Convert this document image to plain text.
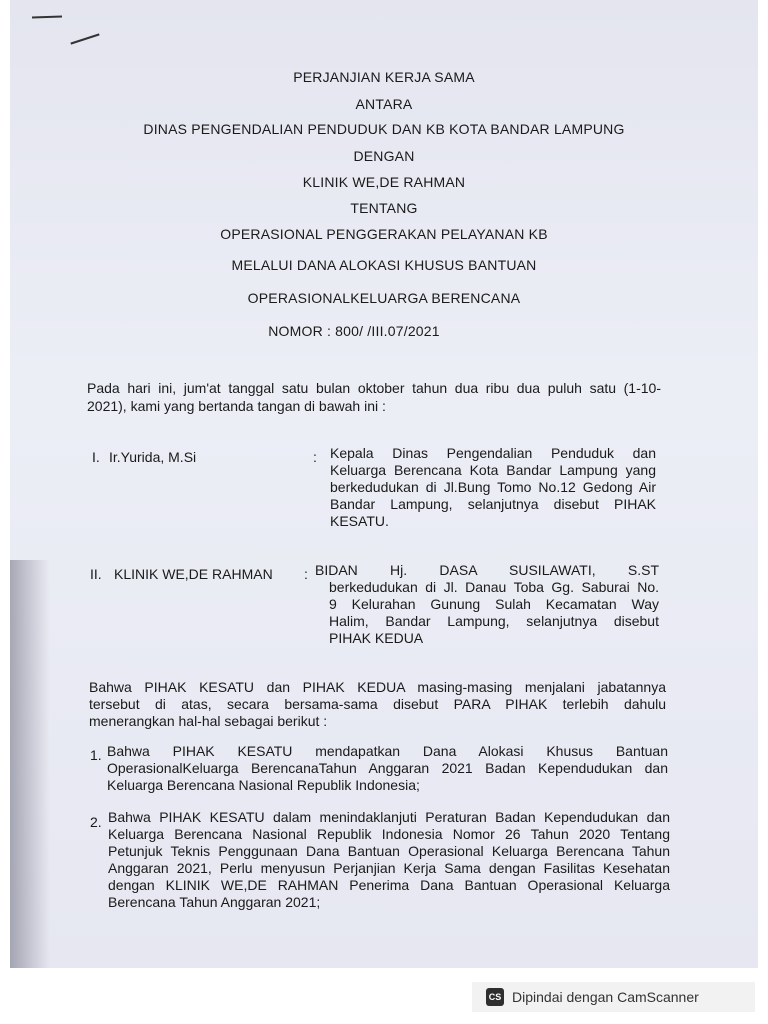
PERJANJIAN KERJA SAMA
ANTARA
DINAS PENGENDALIAN PENDUDUK DAN KB KOTA BANDAR LAMPUNG
DENGAN
KLINIK WE,DE RAHMAN
TENTANG
OPERASIONAL PENGGERAKAN PELAYANAN KB
MELALUI DANA ALOKASI KHUSUS BANTUAN
OPERASIONALKELUARGA BERENCANA
NOMOR : 800/ /III.07/2021
Pada hari ini, jum'at tanggal satu bulan oktober tahun dua ribu dua puluh satu (1-10-
2021), kami yang bertanda tangan di bawah ini :
I. Ir.Yurida, M.Si	: Kepala Dinas Pengendalian Penduduk dan
Keluarga Berencana Kota Bandar Lampung yang
berkedudukan di Jl.Bung Tomo No.12 Gedong Air
Bandar Lampung, selanjutnya disebut PIHAK
KESATU.
II. KLINIK WE,DE RAHMAN : BIDAN Hj. DASA SUSILAWATI, S.ST
berkedudukan di Jl. Danau Toba Gg. Saburai No.
9 Kelurahan Gunung Sulah Kecamatan Way
Halim, Bandar Lampung, selanjutnya disebut
PIHAK KEDUA
Bahwa PIHAK KESATU dan PIHAK KEDUA masing-masing menjalani jabatannya
tersebut di atas, secara bersama-sama disebut PARA PIHAK terlebih dahulu
menerangkan hal-hal sebagai berikut :
1. Bahwa PIHAK KESATU mendapatkan Dana Alokasi Khusus Bantuan
OperasionalKeluarga BerencanaTahun Anggaran 2021 Badan Kependudukan dan
Keluarga Berencana Nasional Republik Indonesia;
2. Bahwa PIHAK KESATU dalam menindaklanjuti Peraturan Badan Kependudukan dan
Keluarga Berencana Nasional Republik Indonesia Nomor 26 Tahun 2020 Tentang
Petunjuk Teknis Penggunaan Dana Bantuan Operasional Keluarga Berencana Tahun
Anggaran 2021, Perlu menyusun Perjanjian Kerja Sama dengan Fasilitas Kesehatan
dengan KLINIK WE,DE RAHMAN Penerima Dana Bantuan Operasional Keluarga
Berencana Tahun Anggaran 2021;
CS Dipindai dengan CamScanner
